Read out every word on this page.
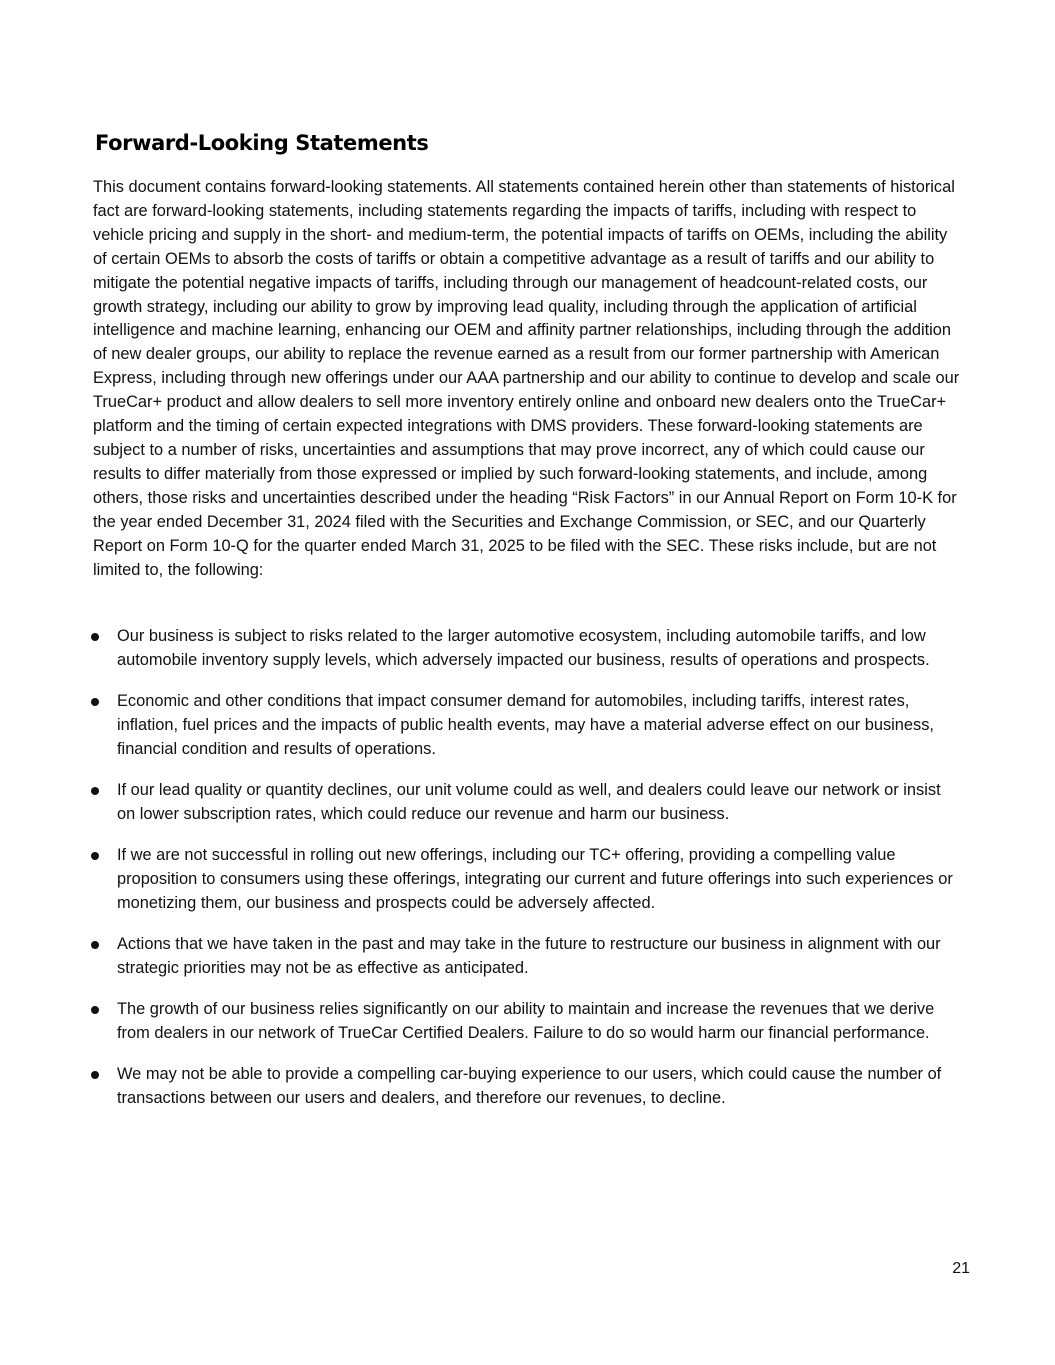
Forward-Looking Statements

This document contains forward-looking statements. All statements contained herein other than statements of historical fact are forward-looking statements, including statements regarding the impacts of tariffs, including with respect to vehicle pricing and supply in the short- and medium-term, the potential impacts of tariffs on OEMs, including the ability of certain OEMs to absorb the costs of tariffs or obtain a competitive advantage as a result of tariffs and our ability to mitigate the potential negative impacts of tariffs, including through our management of headcount-related costs, our growth strategy, including our ability to grow by improving lead quality, including through the application of artificial intelligence and machine learning, enhancing our OEM and affinity partner relationships, including through the addition of new dealer groups, our ability to replace the revenue earned as a result from our former partnership with American Express, including through new offerings under our AAA partnership and our ability to continue to develop and scale our TrueCar+ product and allow dealers to sell more inventory entirely online and onboard new dealers onto the TrueCar+ platform and the timing of certain expected integrations with DMS providers. These forward-looking statements are subject to a number of risks, uncertainties and assumptions that may prove incorrect, any of which could cause our results to differ materially from those expressed or implied by such forward-looking statements, and include, among others, those risks and uncertainties described under the heading “Risk Factors” in our Annual Report on Form 10-K for the year ended December 31, 2024 filed with the Securities and Exchange Commission, or SEC, and our Quarterly Report on Form 10-Q for the quarter ended March 31, 2025 to be filed with the SEC. These risks include, but are not limited to, the following:

Our business is subject to risks related to the larger automotive ecosystem, including automobile tariffs, and low automobile inventory supply levels, which adversely impacted our business, results of operations and prospects.
Economic and other conditions that impact consumer demand for automobiles, including tariffs, interest rates, inflation, fuel prices and the impacts of public health events, may have a material adverse effect on our business, financial condition and results of operations.
If our lead quality or quantity declines, our unit volume could as well, and dealers could leave our network or insist on lower subscription rates, which could reduce our revenue and harm our business.
If we are not successful in rolling out new offerings, including our TC+ offering, providing a compelling value proposition to consumers using these offerings, integrating our current and future offerings into such experiences or monetizing them, our business and prospects could be adversely affected.
Actions that we have taken in the past and may take in the future to restructure our business in alignment with our strategic priorities may not be as effective as anticipated.
The growth of our business relies significantly on our ability to maintain and increase the revenues that we derive from dealers in our network of TrueCar Certified Dealers. Failure to do so would harm our financial performance.
We may not be able to provide a compelling car-buying experience to our users, which could cause the number of transactions between our users and dealers, and therefore our revenues, to decline.
21
